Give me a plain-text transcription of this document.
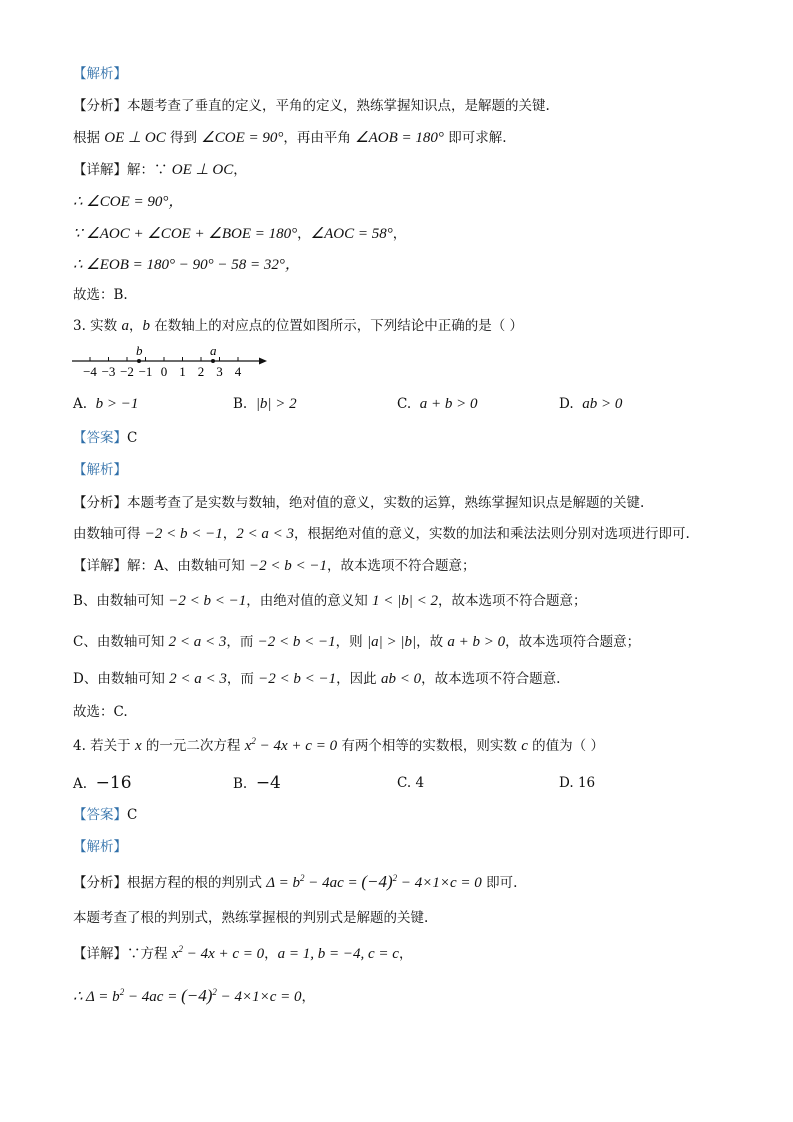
【解析】
【分析】本题考查了垂直的定义，平角的定义，熟练掌握知识点，是解题的关键.
根据 OE ⊥ OC 得到 ∠COE = 90°，再由平角 ∠AOB = 180° 即可求解.
【详解】解：∵ OE ⊥ OC，
∴ ∠COE = 90°，
∵ ∠AOC + ∠COE + ∠BOE = 180°，∠AOC = 58°，
∴ ∠EOB = 180° − 90° − 58 = 32°，
故选：B.
3. 实数 a，b 在数轴上的对应点的位置如图所示，下列结论中正确的是（ ）
−4 −3 −2 −1 0 1 2 3 4
b	a
A. b > −1	B. |b| > 2	C. a + b > 0	D. ab > 0
【答案】C
【解析】
【分析】本题考查了是实数与数轴，绝对值的意义，实数的运算，熟练掌握知识点是解题的关键.
由数轴可得 −2 < b < −1，2 < a < 3，根据绝对值的意义，实数的加法和乘法法则分别对选项进行即可.
【详解】解：A、由数轴可知 −2 < b < −1，故本选项不符合题意；
B、由数轴可知 −2 < b < −1，由绝对值的意义知 1 < |b| < 2，故本选项不符合题意；
C、由数轴可知 2 < a < 3，而 −2 < b < −1，则 |a| > |b|，故 a + b > 0，故本选项符合题意；
D、由数轴可知 2 < a < 3，而 −2 < b < −1，因此 ab < 0，故本选项不符合题意.
故选：C.
4. 若关于 x 的一元二次方程 $x^2 - 4x + c = 0$ 有两个相等的实数根，则实数 c 的值为（ ）
A. −16	B. −4	C. 4	D. 16
【答案】C
【解析】
【分析】根据方程的根的判别式 $\Delta = b^2 - 4ac = (-4)^2 - 4\times 1\times c = 0$ 即可.
本题考查了根的判别式，熟练掌握根的判别式是解题的关键.
【详解】∵方程 $x^2 - 4x + c = 0$，a = 1, b = −4, c = c，
∴ $\Delta = b^2 - 4ac = (-4)^2 - 4\times 1\times c = 0$，
